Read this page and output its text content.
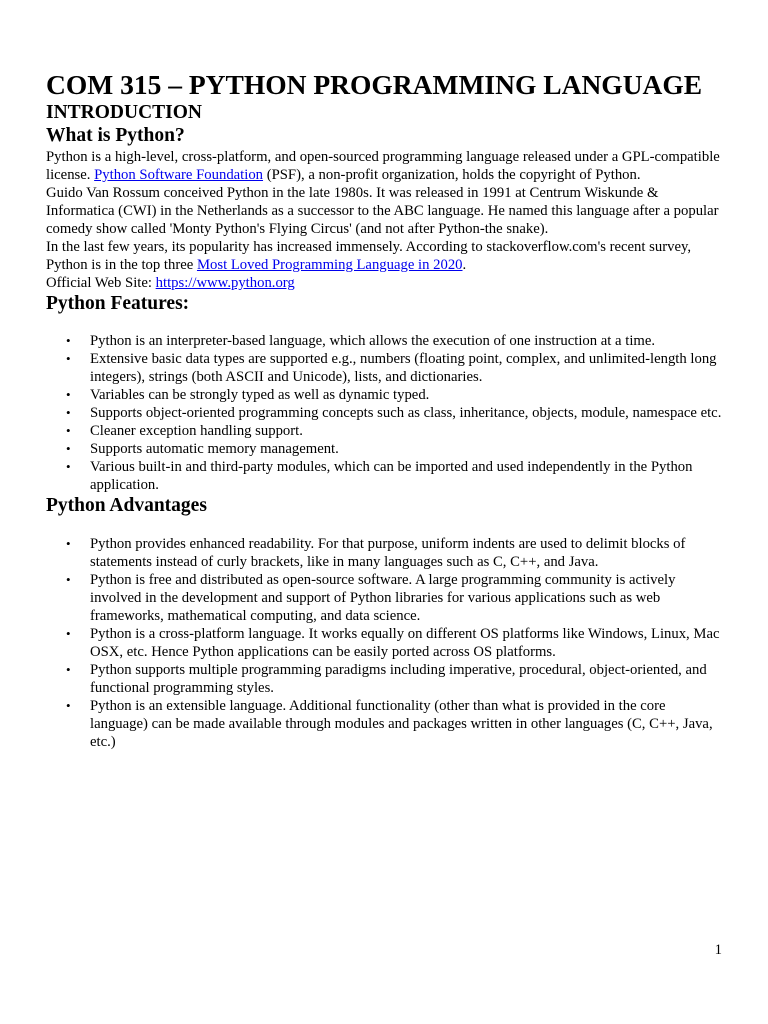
COM 315 – PYTHON PROGRAMMING LANGUAGE
INTRODUCTION
What is Python?

Python is a high-level, cross-platform, and open-sourced programming language released under a GPL-compatible license. Python Software Foundation (PSF), a non-profit organization, holds the copyright of Python.

Guido Van Rossum conceived Python in the late 1980s. It was released in 1991 at Centrum Wiskunde & Informatica (CWI) in the Netherlands as a successor to the ABC language. He named this language after a popular comedy show called 'Monty Python's Flying Circus' (and not after Python-the snake).

In the last few years, its popularity has increased immensely. According to stackoverflow.com's recent survey, Python is in the top three Most Loved Programming Language in 2020.

Official Web Site: https://www.python.org

Python Features:
• Python is an interpreter-based language, which allows the execution of one instruction at a time.
• Extensive basic data types are supported e.g., numbers (floating point, complex, and unlimited-length long integers), strings (both ASCII and Unicode), lists, and dictionaries.
• Variables can be strongly typed as well as dynamic typed.
• Supports object-oriented programming concepts such as class, inheritance, objects, module, namespace etc.
• Cleaner exception handling support.
• Supports automatic memory management.
• Various built-in and third-party modules, which can be imported and used independently in the Python application.
Python Advantages
• Python provides enhanced readability. For that purpose, uniform indents are used to delimit blocks of statements instead of curly brackets, like in many languages such as C, C++, and Java.
• Python is free and distributed as open-source software. A large programming community is actively involved in the development and support of Python libraries for various applications such as web frameworks, mathematical computing, and data science.
• Python is a cross-platform language. It works equally on different OS platforms like Windows, Linux, Mac OSX, etc. Hence Python applications can be easily ported across OS platforms.
• Python supports multiple programming paradigms including imperative, procedural, object-oriented, and functional programming styles.
• Python is an extensible language. Additional functionality (other than what is provided in the core language) can be made available through modules and packages written in other languages (C, C++, Java, etc.)
1
